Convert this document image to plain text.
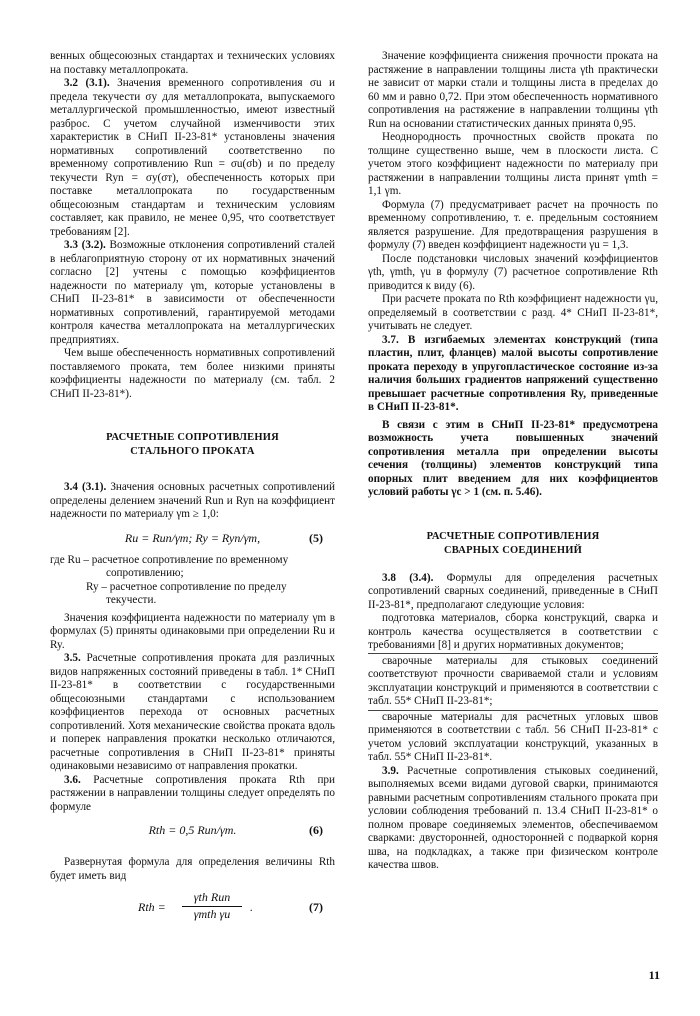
венных общесоюзных стандартах и технических условиях на поставку металлопроката.

3.2 (3.1). Значения временного сопротивления σu и предела текучести σy для металлопроката, выпускаемого металлургической промышленностью, имеют известный разброс. С учетом случайной изменчивости этих характеристик в СНиП II-23-81* установлены значения нормативных сопротивлений соответственно по временному сопротивлению Run = σu(σb) и по пределу текучести Ryn = σy(σт), обеспеченность которых при поставке металлопроката по государственным общесоюзным стандартам и техническим условиям составляет, как правило, не менее 0,95, что соответствует требованиям [2].

3.3 (3.2). Возможные отклонения сопротивлений сталей в неблагоприятную сторону от их нормативных значений согласно [2] учтены с помощью коэффициентов надежности по материалу γm, которые установлены в СНиП II-23-81* в зависимости от обеспеченности нормативных сопротивлений, гарантируемой методами контроля качества металлопроката на металлургических предприятиях.

Чем выше обеспеченность нормативных сопротивлений поставляемого проката, тем более низкими приняты коэффициенты надежности по материалу (см. табл. 2 СНиП II-23-81*).

РАСЧЕТНЫЕ СОПРОТИВЛЕНИЯ

СТАЛЬНОГО ПРОКАТА

3.4 (3.1). Значения основных расчетных сопротивлений определены делением значений Run и Ryn на коэффициент надежности по материалу γm ≥ 1,0:

Ru = Run/γm; Ry = Ryn/γm,	(5)

где Ru – расчетное сопротивление по временному сопротивлению;

Ry – расчетное сопротивление по пределу текучести.

Значения коэффициента надежности по материалу γm в формулах (5) приняты одинаковыми при определении Ru и Ry.

3.5. Расчетные сопротивления проката для различных видов напряженных состояний приведены в табл. 1* СНиП II-23-81* в соответствии с государственными общесоюзными стандартами с использованием коэффициентов перехода от основных расчетных сопротивлений. Хотя механические свойства проката вдоль и поперек направления прокатки несколько отличаются, расчетные сопротивления в СНиП II-23-81* приняты одинаковыми независимо от направления прокатки.

3.6. Расчетные сопротивления проката Rth при растяжении в направлении толщины следует определять по формуле

Rth = 0,5 Run/γm.	(6)

Развернутая формула для определения величины Rth будет иметь вид

Rth =
γth Run
γmth γu	.	(7)

Значение коэффициента снижения прочности проката на растяжение в направлении толщины листа γth практически не зависит от марки стали и толщины листа в пределах до 60 мм и равно 0,72. При этом обеспеченность нормативного сопротивления на растяжение в направлении толщины γth Run на основании статистических данных принята 0,95.

Неоднородность прочностных свойств проката по толщине существенно выше, чем в плоскости листа. С учетом этого коэффициент надежности по материалу при растяжении в направлении толщины листа принят γmth = 1,1 γm.

Формула (7) предусматривает расчет на прочность по временному сопротивлению, т. е. предельным состоянием является разрушение. Для предотвращения разрушения в формулу (7) введен коэффициент надежности γu = 1,3.

После подстановки числовых значений коэффициентов γth, γmth, γu в формулу (7) расчетное сопротивление Rth приводится к виду (6).

При расчете проката по Rth коэффициент надежности γu, определяемый в соответствии с разд. 4* СНиП II-23-81*, учитывать не следует.

3.7. В изгибаемых элементах конструкций (типа пластин, плит, фланцев) малой высоты сопротивление проката переходу в упругопластическое состояние из-за наличия больших градиентов напряжений существенно превышает расчетные сопротивления Ry, приведенные в СНиП II-23-81*.

В связи с этим в СНиП II-23-81* предусмотрена возможность учета повышенных значений сопротивления металла при определении высоты сечения (толщины) элементов конструкций типа опорных плит введением для них коэффициентов условий работы γc > 1 (см. п. 5.46).

РАСЧЕТНЫЕ СОПРОТИВЛЕНИЯ

СВАРНЫХ СОЕДИНЕНИЙ

3.8 (3.4). Формулы для определения расчетных сопротивлений сварных соединений, приведенные в СНиП II-23-81*, предполагают следующие условия:

подготовка материалов, сборка конструкций, сварка и контроль качества осуществляется в соответствии с требованиями [8] и других нормативных документов;

сварочные материалы для стыковых соединений соответствуют прочности свариваемой стали и условиям эксплуатации конструкций и применяются в соответствии с табл. 55* СНиП II-23-81*;

сварочные материалы для расчетных угловых швов применяются в соответствии с табл. 56 СНиП II-23-81* с учетом условий эксплуатации конструкций, указанных в табл. 55* СНиП II-23-81*.

3.9. Расчетные сопротивления стыковых соединений, выполняемых всеми видами дуговой сварки, принимаются равными расчетным сопротивлениям стального проката при условии соблюдения требований п. 13.4 СНиП II-23-81* о полном проваре соединяемых элементов, обеспечиваемом сварками: двусторонней, односторонней с подваркой корня шва, на подкладках, а также при физическом контроле качества швов.

11
